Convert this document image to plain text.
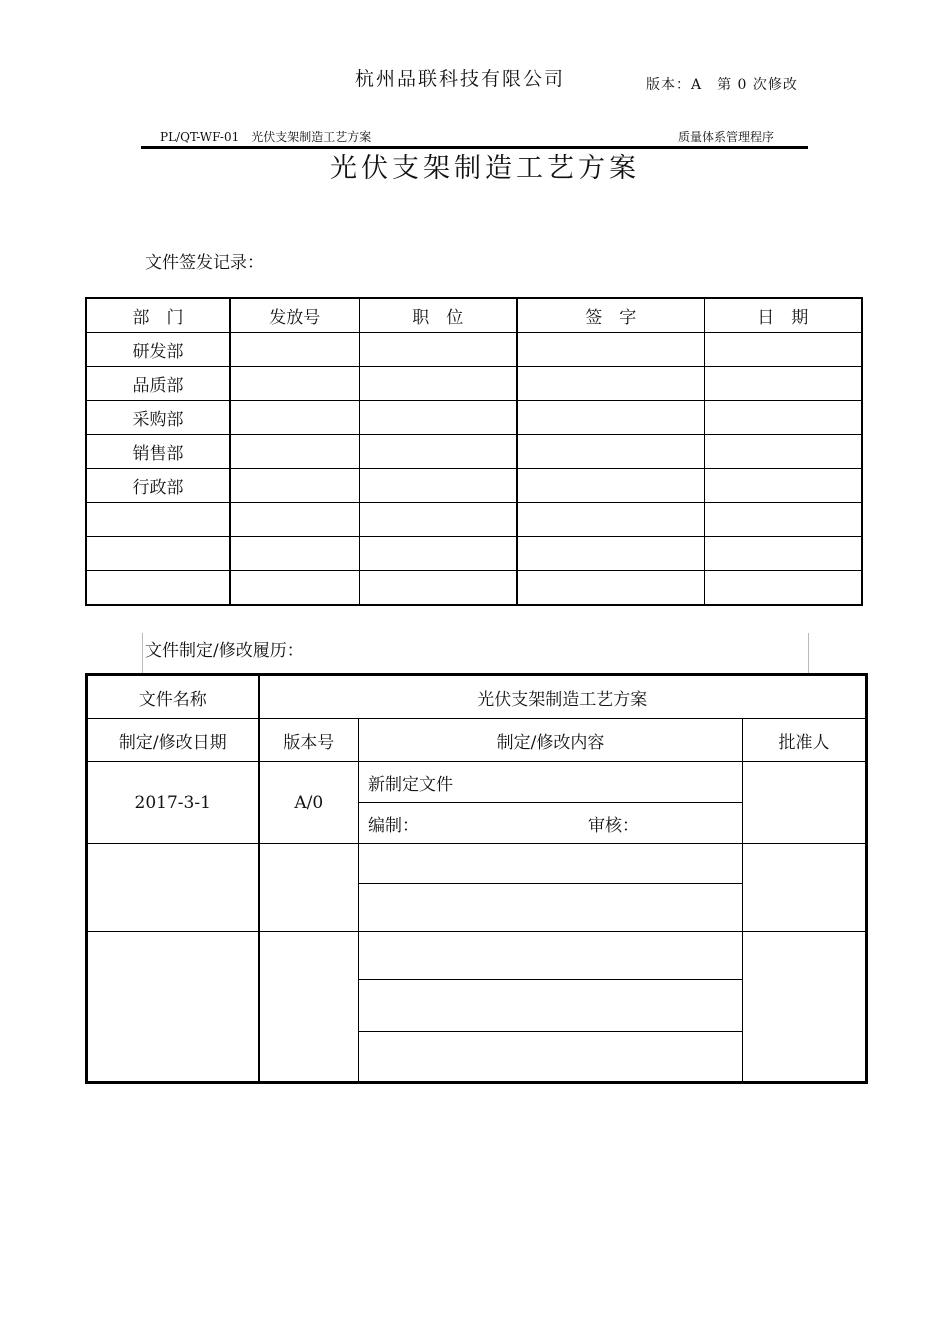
杭州品联科技有限公司	版本：A　第 0 次修改
PL/QT-WF-01　光伏支架制造工艺方案	质量体系管理程序
光伏支架制造工艺方案
文件签发记录：
部　门	发放号	职　位	签　字	日　期
研发部				
品质部				
采购部				
销售部				
行政部				

文件制定/修改履历：
文件名称	光伏支架制造工艺方案		
制定/修改日期	版本号	制定/修改内容	批准人
2017-3-1	A/0	新制定文件	
		编制： 审核：	
